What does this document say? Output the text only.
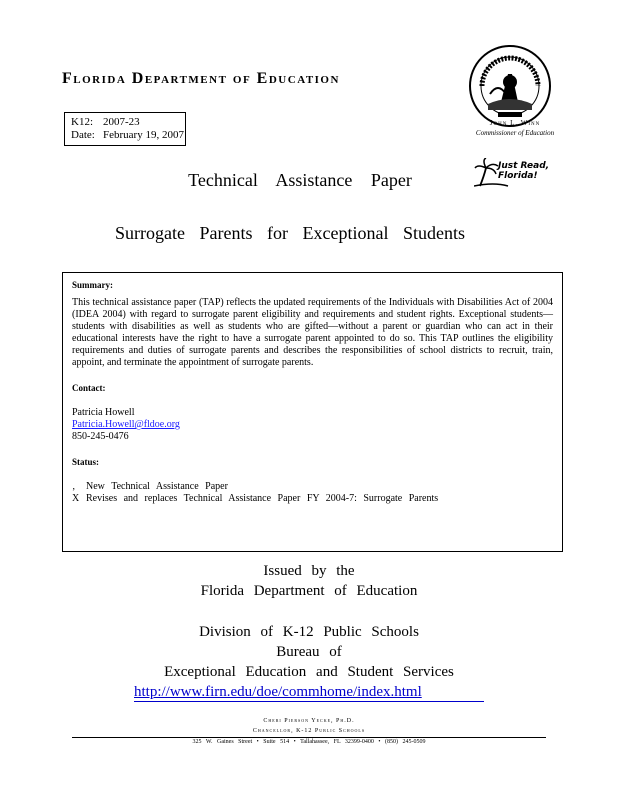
Florida Department of Education
K12: 2007-23
Date: February 19, 2007
John L. Winn
Commissioner of Education
Just Read, Florida!
Technical Assistance Paper
Surrogate Parents for Exceptional Students

Summary:

This technical assistance paper (TAP) reflects the updated requirements of the Individuals with Disabilities Act of 2004 (IDEA 2004) with regard to surrogate parent eligibility and requirements and student rights. Exceptional students—students with disabilities as well as students who are gifted—without a parent or guardian who can act in their educational interests have the right to have a surrogate parent appointed to do so. This TAP outlines the eligibility requirements and duties of surrogate parents and describes the responsibilities of school districts to recruit, train, appoint, and terminate the appointment of surrogate parents.

Contact:

Patricia Howell
Patricia.Howell@fldoe.org
850-245-0476

Status:

‚ New Technical Assistance Paper

X Revises and replaces Technical Assistance Paper FY 2004-7: Surrogate Parents

Issued by the
Florida Department of Education
Division of K-12 Public Schools
Bureau of
Exceptional Education and Student Services
http://www.firn.edu/doe/commhome/index.html
Cheri Pierson Yecke, Ph.D.
Chancellor, K-12 Public Schools
325 W. Gaines Street • Suite 514 • Tallahassee, FL 32399-0400 • (850) 245-0509
